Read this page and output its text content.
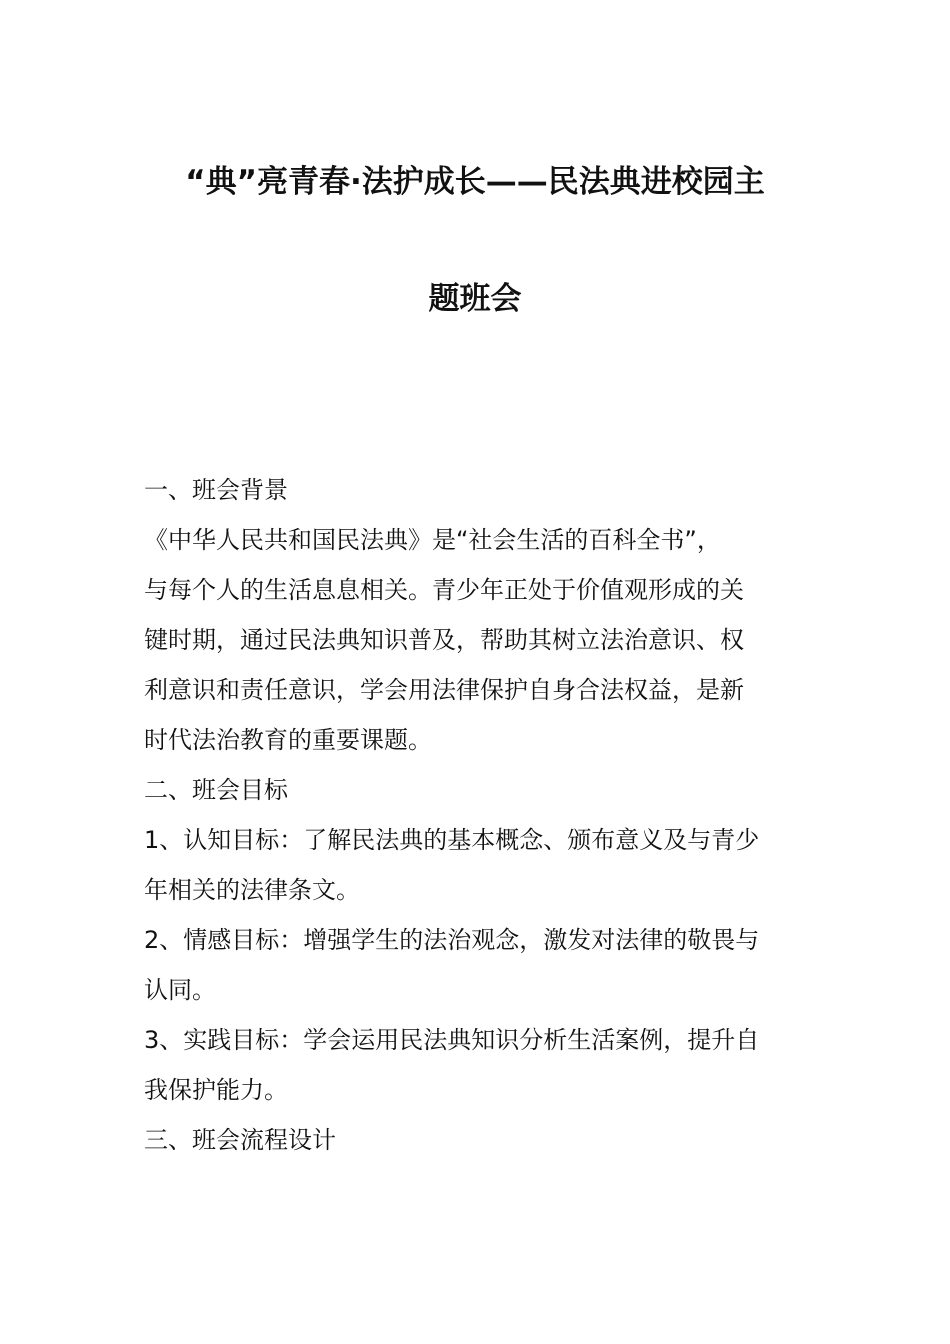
“典”亮青春·法护成长——民法典进校园主
题班会
一、班会背景
《中华人民共和国民法典》是“社会生活的百科全书”，
与每个人的生活息息相关。青少年正处于价值观形成的关
键时期，通过民法典知识普及，帮助其树立法治意识、权
利意识和责任意识，学会用法律保护自身合法权益，是新
时代法治教育的重要课题。
二、班会目标
1、认知目标：了解民法典的基本概念、颁布意义及与青少
年相关的法律条文。
2、情感目标：增强学生的法治观念，激发对法律的敬畏与
认同。
3、实践目标：学会运用民法典知识分析生活案例，提升自
我保护能力。
三、班会流程设计
